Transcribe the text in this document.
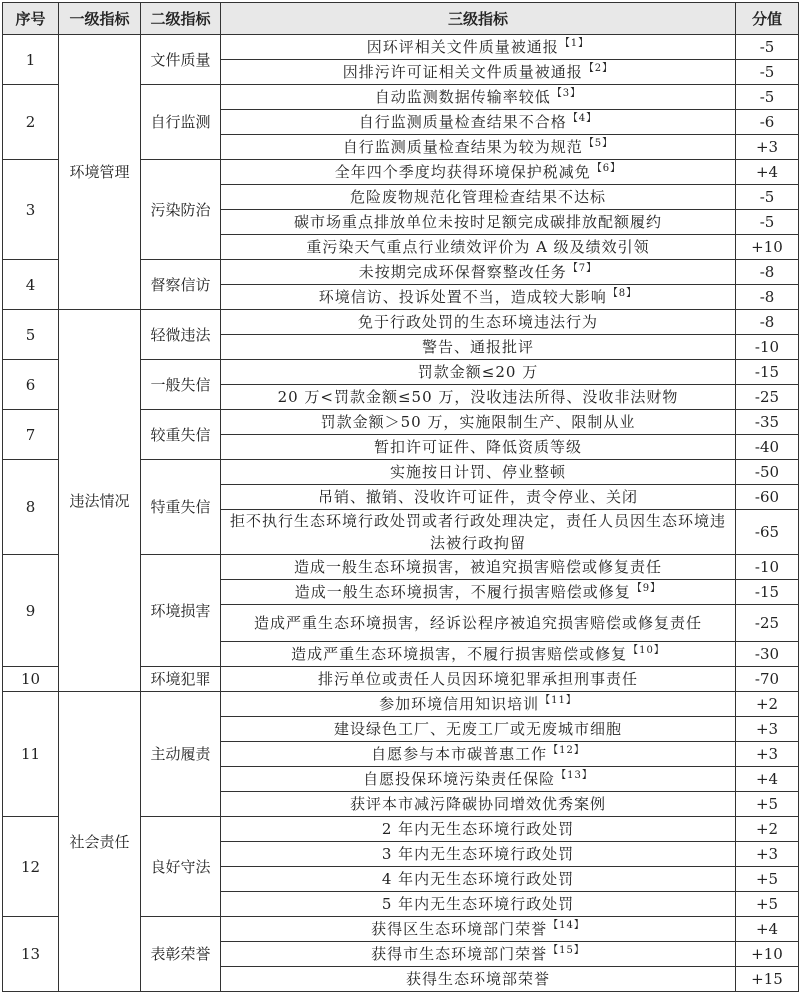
序号	一级指标	二级指标	三级指标	分值
1	环境管理	文件质量	因环评相关文件质量被通报$^{【1】}$	-5
			因排污许可证相关文件质量被通报$^{【2】}$	-5
2		自行监测	自动监测数据传输率较低$^{【3】}$	-5
			自行监测质量检查结果不合格$^{【4】}$	-6
			自行监测质量检查结果为较为规范$^{【5】}$	+3
3		污染防治	全年四个季度均获得环境保护税减免$^{【6】}$	+4
			危险废物规范化管理检查结果不达标	-5
			碳市场重点排放单位未按时足额完成碳排放配额履约	-5
			重污染天气重点行业绩效评价为 A 级及绩效引领	+10
4		督察信访	未按期完成环保督察整改任务$^{【7】}$	-8
			环境信访、投诉处置不当，造成较大影响$^{【8】}$	-8
5	违法情况	轻微违法	免于行政处罚的生态环境违法行为	-8
			警告、通报批评	-10
6		一般失信	罚款金额≤20 万	-15
			20 万<罚款金额≤50 万，没收违法所得、没收非法财物	-25
7		较重失信	罚款金额＞50 万，实施限制生产、限制从业	-35
			暂扣许可证件、降低资质等级	-40
8		特重失信	实施按日计罚、停业整顿	-50
			吊销、撤销、没收许可证件，责令停业、关闭	-60
			拒不执行生态环境行政处罚或者行政处理决定，责任人员因生态环境违法被行政拘留	-65
9		环境损害	造成一般生态环境损害，被追究损害赔偿或修复责任	-10
			造成一般生态环境损害，不履行损害赔偿或修复$^{【9】}$	-15
			造成严重生态环境损害，经诉讼程序被追究损害赔偿或修复责任	-25
			造成严重生态环境损害，不履行损害赔偿或修复$^{【10】}$	-30
10		环境犯罪	排污单位或责任人员因环境犯罪承担刑事责任	-70
11	社会责任	主动履责	参加环境信用知识培训$^{【11】}$	+2
			建设绿色工厂、无废工厂或无废城市细胞	+3
			自愿参与本市碳普惠工作$^{【12】}$	+3
			自愿投保环境污染责任保险$^{【13】}$	+4
			获评本市减污降碳协同增效优秀案例	+5
12		良好守法	2 年内无生态环境行政处罚	+2
			3 年内无生态环境行政处罚	+3
			4 年内无生态环境行政处罚	+5
			5 年内无生态环境行政处罚	+5
13		表彰荣誉	获得区生态环境部门荣誉$^{【14】}$	+4
			获得市生态环境部门荣誉$^{【15】}$	+10
			获得生态环境部荣誉	+15
